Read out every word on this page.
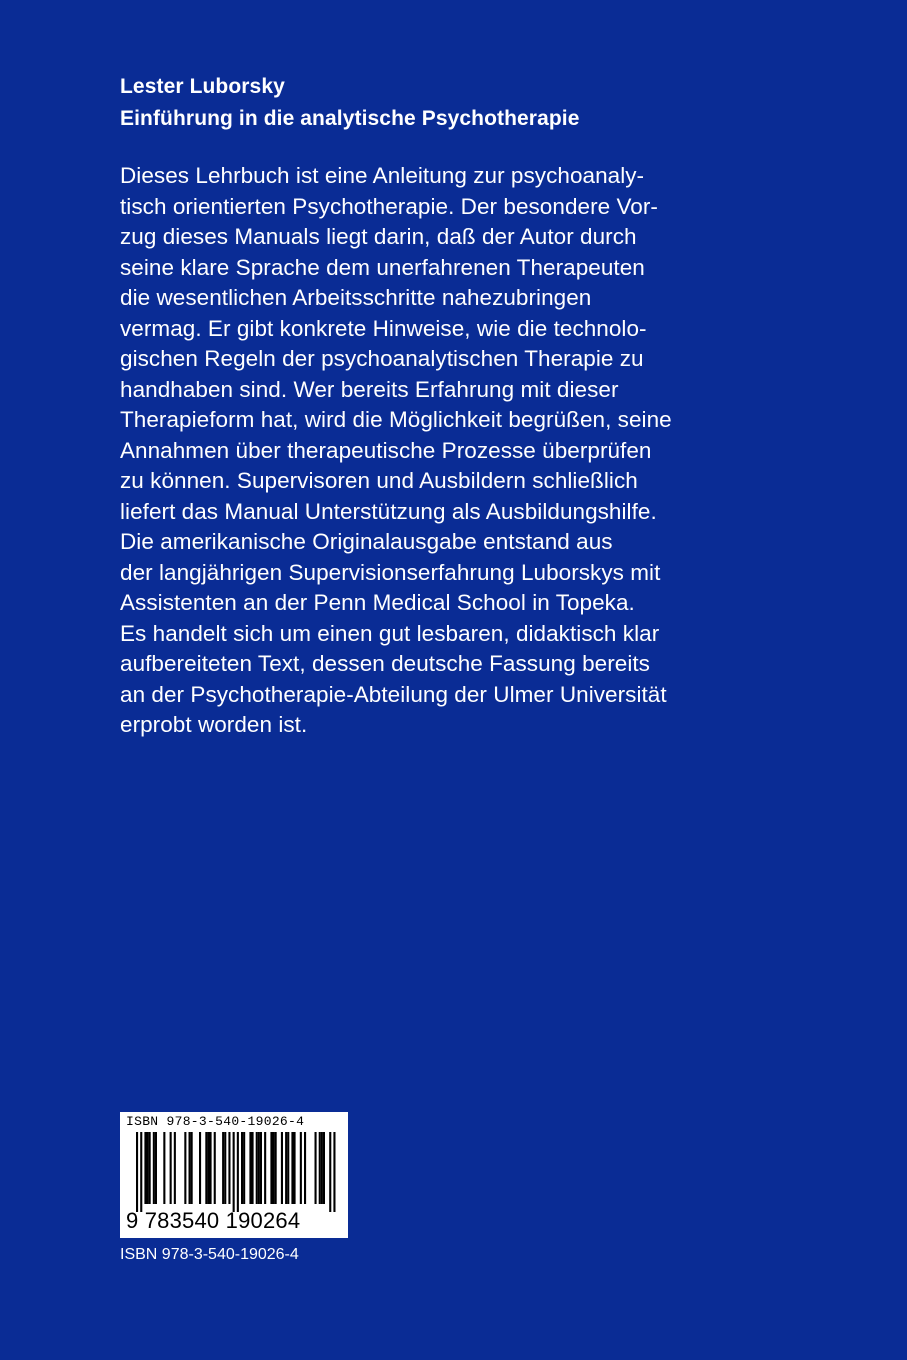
Lester Luborsky
Einführung in die analytische Psychotherapie
Dieses Lehrbuch ist eine Anleitung zur psychoanaly-
tisch orientierten Psychotherapie. Der besondere Vor-
zug dieses Manuals liegt darin, daß der Autor durch
seine klare Sprache dem unerfahrenen Therapeuten
die wesentlichen Arbeitsschritte nahezubringen
vermag. Er gibt konkrete Hinweise, wie die technolo-
gischen Regeln der psychoanalytischen Therapie zu
handhaben sind. Wer bereits Erfahrung mit dieser
Therapieform hat, wird die Möglichkeit begrüßen, seine
Annahmen über therapeutische Prozesse überprüfen
zu können. Supervisoren und Ausbildern schließlich
liefert das Manual Unterstützung als Ausbildungshilfe.
Die amerikanische Originalausgabe entstand aus
der langjährigen Supervisionserfahrung Luborskys mit
Assistenten an der Penn Medical School in Topeka.
Es handelt sich um einen gut lesbaren, didaktisch klar
aufbereiteten Text, dessen deutsche Fassung bereits
an der Psychotherapie-Abteilung der Ulmer Universität
erprobt worden ist.
ISBN 978-3-540-19026-4
9 783540 190264
ISBN 978-3-540-19026-4
